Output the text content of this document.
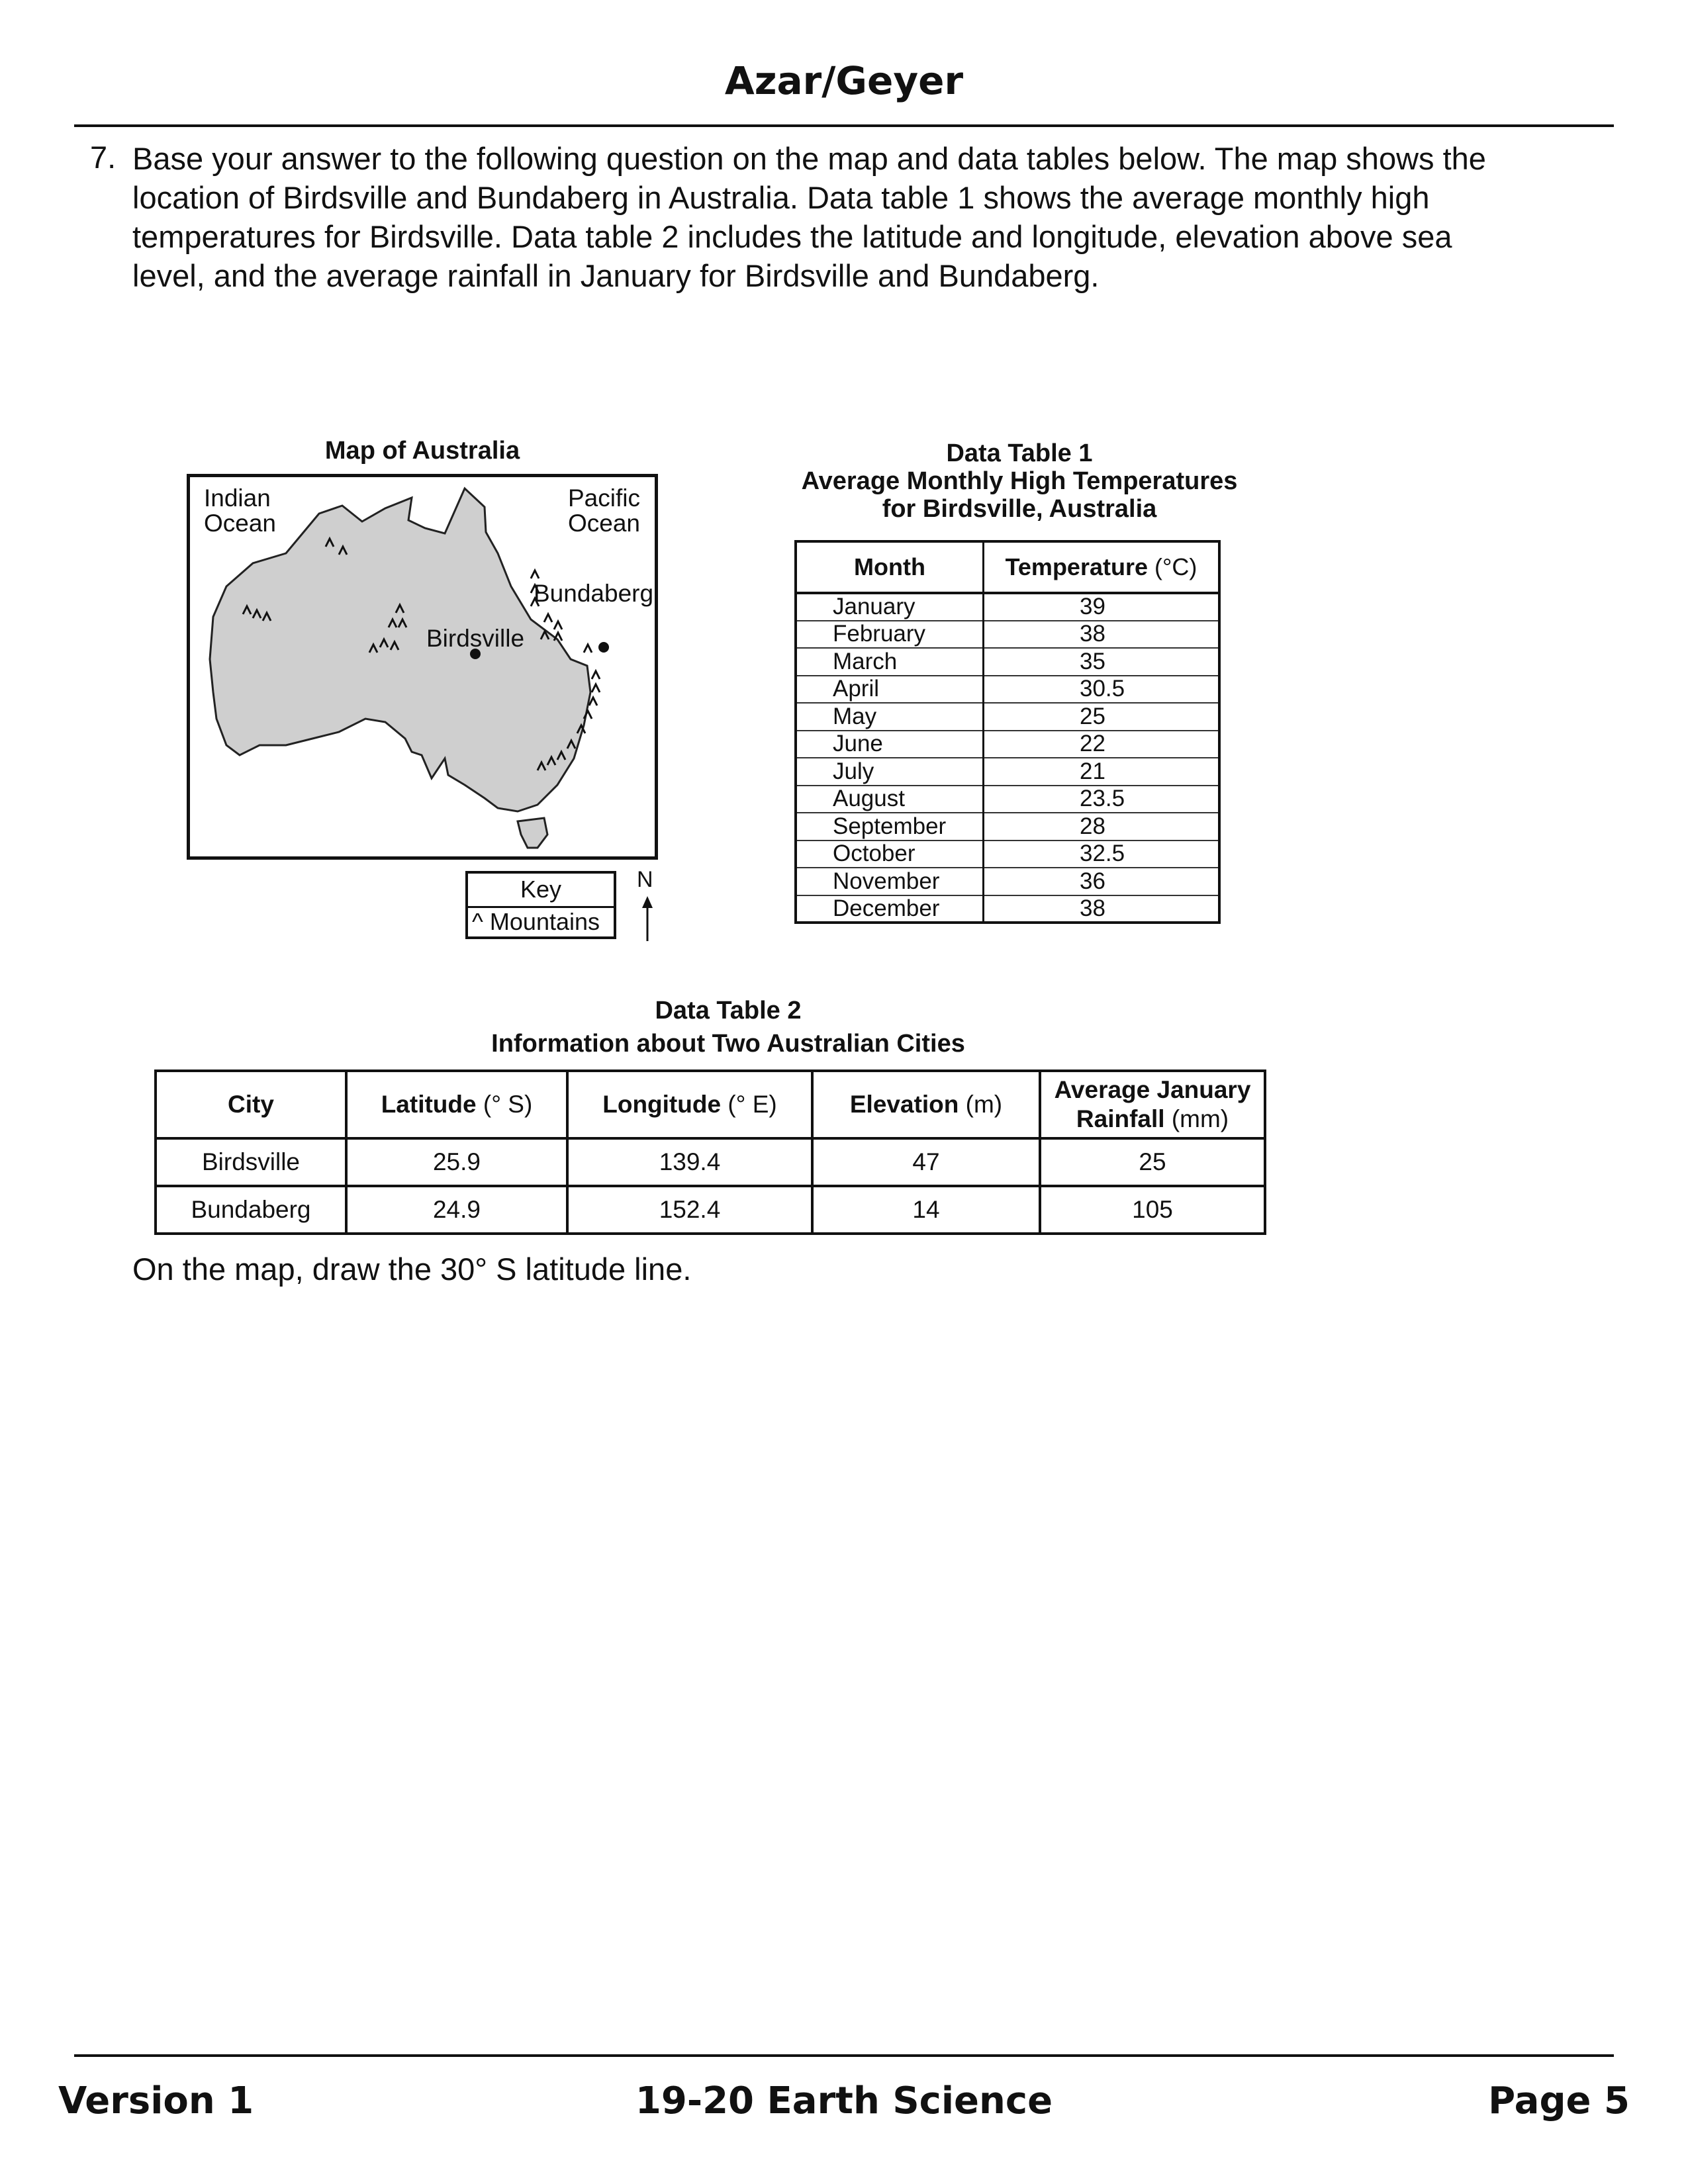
Azar/Geyer
7. Base your answer to the following question on the map and data tables below. The map shows the location of Birdsville and Bundaberg in Australia. Data table 1 shows the average monthly high temperatures for Birdsville. Data table 2 includes the latitude and longitude, elevation above sea level, and the average rainfall in January for Birdsville and Bundaberg.
Map of Australia
Indian Ocean
Pacific Ocean
Birdsville
Bundaberg
Key
^ Mountains
N
Data Table 1
Average Monthly High Temperatures
for Birdsville, Australia
Month	Temperature (°C)
January	39
February	38
March	35
April	30.5
May	25
June	22
July	21
August	23.5
September	28
October	32.5
November	36
December	38
Data Table 2
Information about Two Australian Cities
City	Latitude (° S)	Longitude (° E)	Elevation (m)	Average January
Rainfall (mm)

Birdsville	25.9	139.4	47	25
Bundaberg	24.9	152.4	14	105
On the map, draw the 30° S latitude line.
Version 1	19-20 Earth Science	Page 5
